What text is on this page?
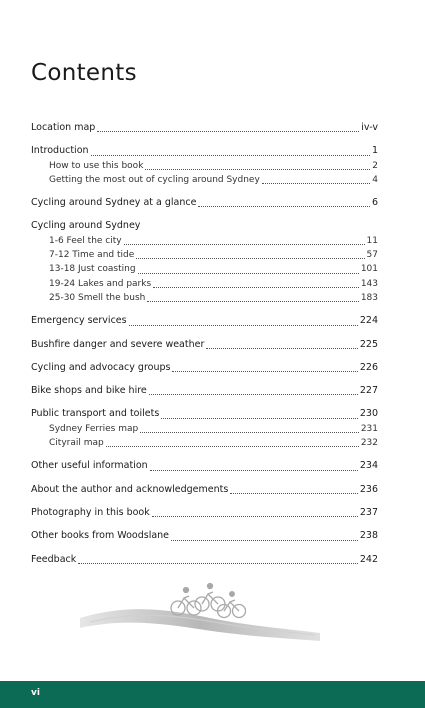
Contents
Location map	iv-v
Introduction	1
How to use this book	2
Getting the most out of cycling around Sydney	4
Cycling around Sydney at a glance	6
Cycling around Sydney
1-6 Feel the city	11
7-12 Time and tide	57
13-18 Just coasting	101
19-24 Lakes and parks	143
25-30 Smell the bush	183
Emergency services	224
Bushfire danger and severe weather	225
Cycling and advocacy groups	226
Bike shops and bike hire	227
Public transport and toilets	230
Sydney Ferries map	231
Cityrail map	232
Other useful information	234
About the author and acknowledgements	236
Photography in this book	237
Other books from Woodslane	238
Feedback	242
vi
